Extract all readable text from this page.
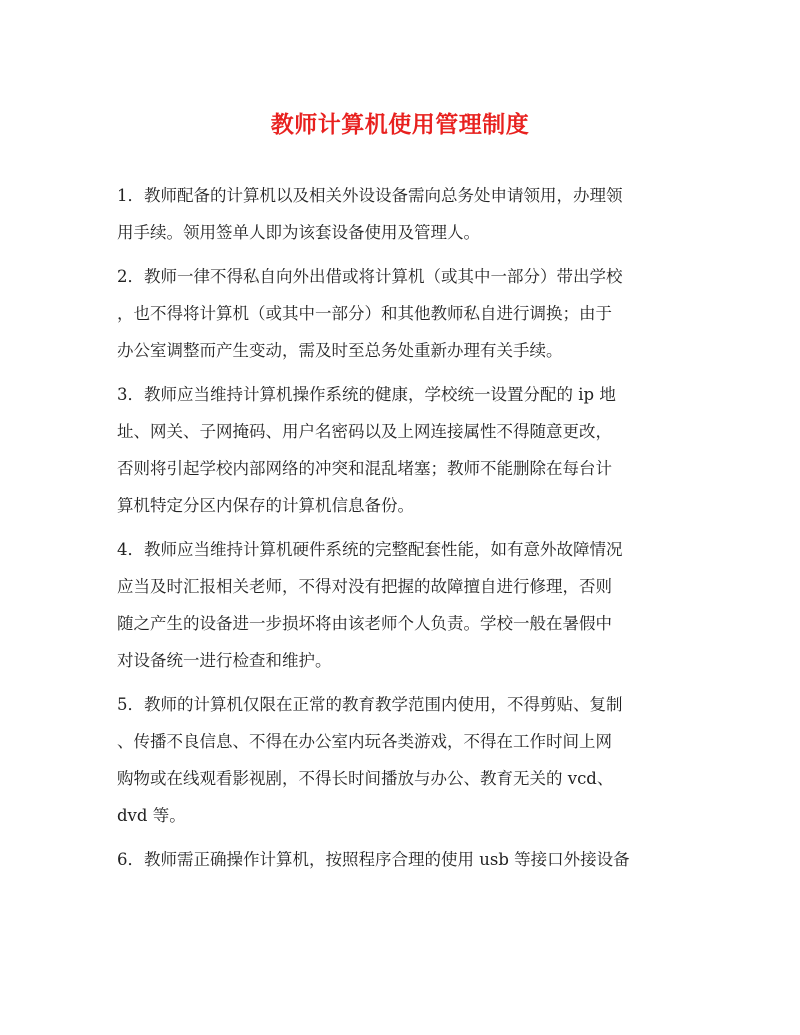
教师计算机使用管理制度
1．教师配备的计算机以及相关外设设备需向总务处申请领用，办理领
用手续。领用签单人即为该套设备使用及管理人。
2．教师一律不得私自向外出借或将计算机（或其中一部分）带出学校
，也不得将计算机（或其中一部分）和其他教师私自进行调换；由于
办公室调整而产生变动，需及时至总务处重新办理有关手续。
3．教师应当维持计算机操作系统的健康，学校统一设置分配的 ip 地
址、网关、子网掩码、用户名密码以及上网连接属性不得随意更改，
否则将引起学校内部网络的冲突和混乱堵塞；教师不能删除在每台计
算机特定分区内保存的计算机信息备份。
4．教师应当维持计算机硬件系统的完整配套性能，如有意外故障情况
应当及时汇报相关老师，不得对没有把握的故障擅自进行修理，否则
随之产生的设备进一步损坏将由该老师个人负责。学校一般在暑假中
对设备统一进行检查和维护。
5．教师的计算机仅限在正常的教育教学范围内使用，不得剪贴、复制
、传播不良信息、不得在办公室内玩各类游戏，不得在工作时间上网
购物或在线观看影视剧，不得长时间播放与办公、教育无关的 vcd、
dvd 等。
6．教师需正确操作计算机，按照程序合理的使用 usb 等接口外接设备
